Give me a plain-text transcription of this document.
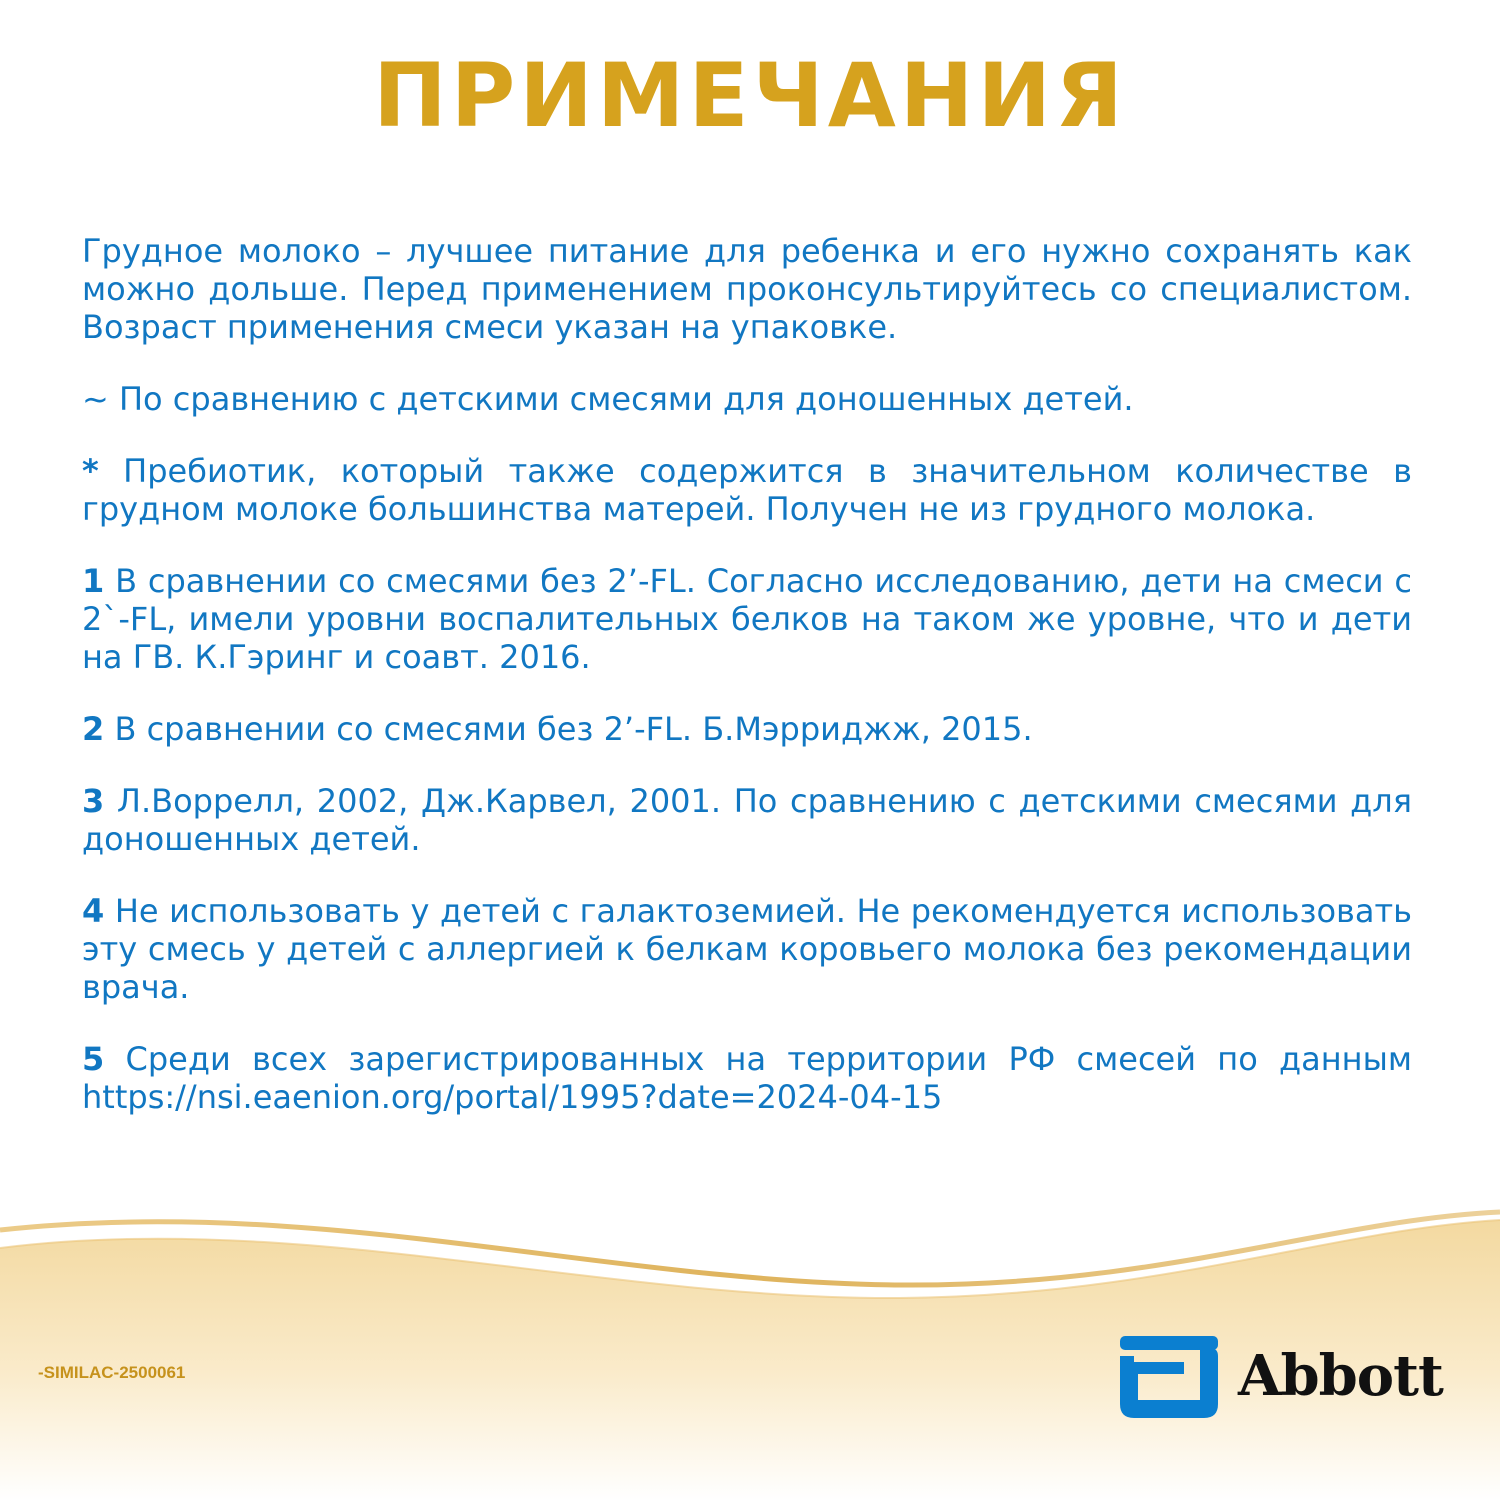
ПРИМЕЧАНИЯ

Грудное молоко – лучшее питание для ребенка и его нужно сохранять как можно дольше. Перед применением проконсультируйтесь со специалистом. Возраст применения смеси указан на упаковке.

~ По сравнению с детскими смесями для доношенных детей.

* Пребиотик, который также содержится в значительном количестве в грудном молоке большинства матерей. Получен не из грудного молока.

1 В сравнении со смесями без 2’-FL. Согласно исследованию, дети на смеси с 2`-FL, имели уровни воспалительных белков на таком же уровне, что и дети на ГВ. К.Гэринг и соавт. 2016.

2 В сравнении со смесями без 2’-FL. Б.Мэрриджж, 2015.

3 Л.Воррелл, 2002, Дж.Карвел, 2001. По сравнению с детскими смесями для доношенных детей.

4 Не использовать у детей с галактоземией. Не рекомендуется использовать эту смесь у детей с аллергией к белкам коровьего молока без рекомендации врача.

5 Среди всех зарегистрированных на территории РФ смесей по данным https://nsi.eaenion.org/portal/1995?date=2024-04-15

-SIMILAC-2500061	Abbott
